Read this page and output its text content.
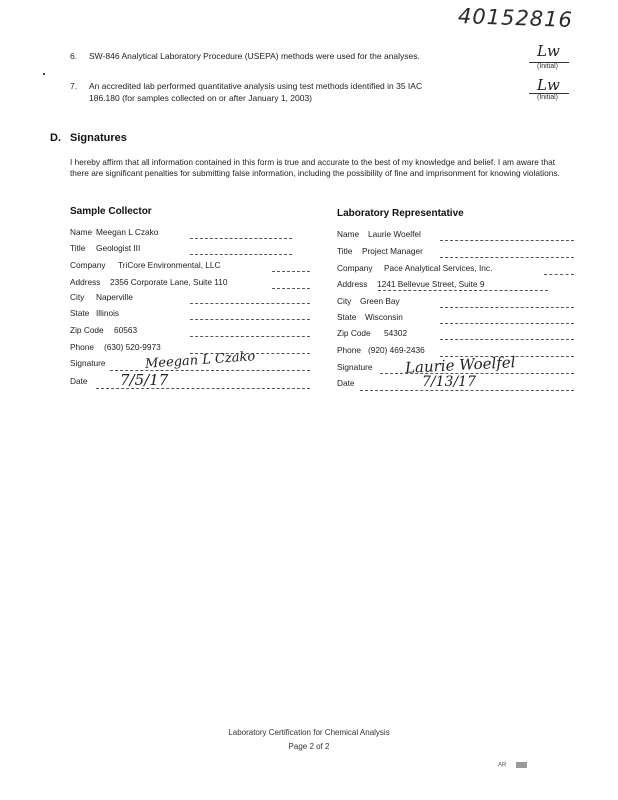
40152816
6. SW-846 Analytical Laboratory Procedure (USEPA) methods were used for the analyses.	Lw
(Initial)
7. An accredited lab performed quantitative analysis using test methods identified in 35 IAC
186.180 (for samples collected on or after January 1, 2003)
Lw
(Initial)
D. Signatures
I hereby affirm that all information contained in this form is true and accurate to the best of my knowledge and belief. I am aware that there are significant penalties for submitting false information, including the possibility of fine and imprisonment for knowing violations.
Sample Collector	Laboratory Representative
Name Meegan L Czako
Title Geologist III
Company TriCore Environmental, LLC
Address 2356 Corporate Lane, Suite 110
City Naperville
State Illinois
Zip Code 60563
Phone (630) 520-9973
Signature	Meegan L Czako
Date 7/5/17
Name Laurie Woelfel
Title Project Manager
Company Pace Analytical Services, Inc.
Address 1241 Bellevue Street, Suite 9
City Green Bay
State Wisconsin
Zip Code 54302
Phone (920) 469-2436
Signature Laurie Woelfel
Date	7/13/17
Laboratory Certification for Chemical Analysis
Page 2 of 2
AR
